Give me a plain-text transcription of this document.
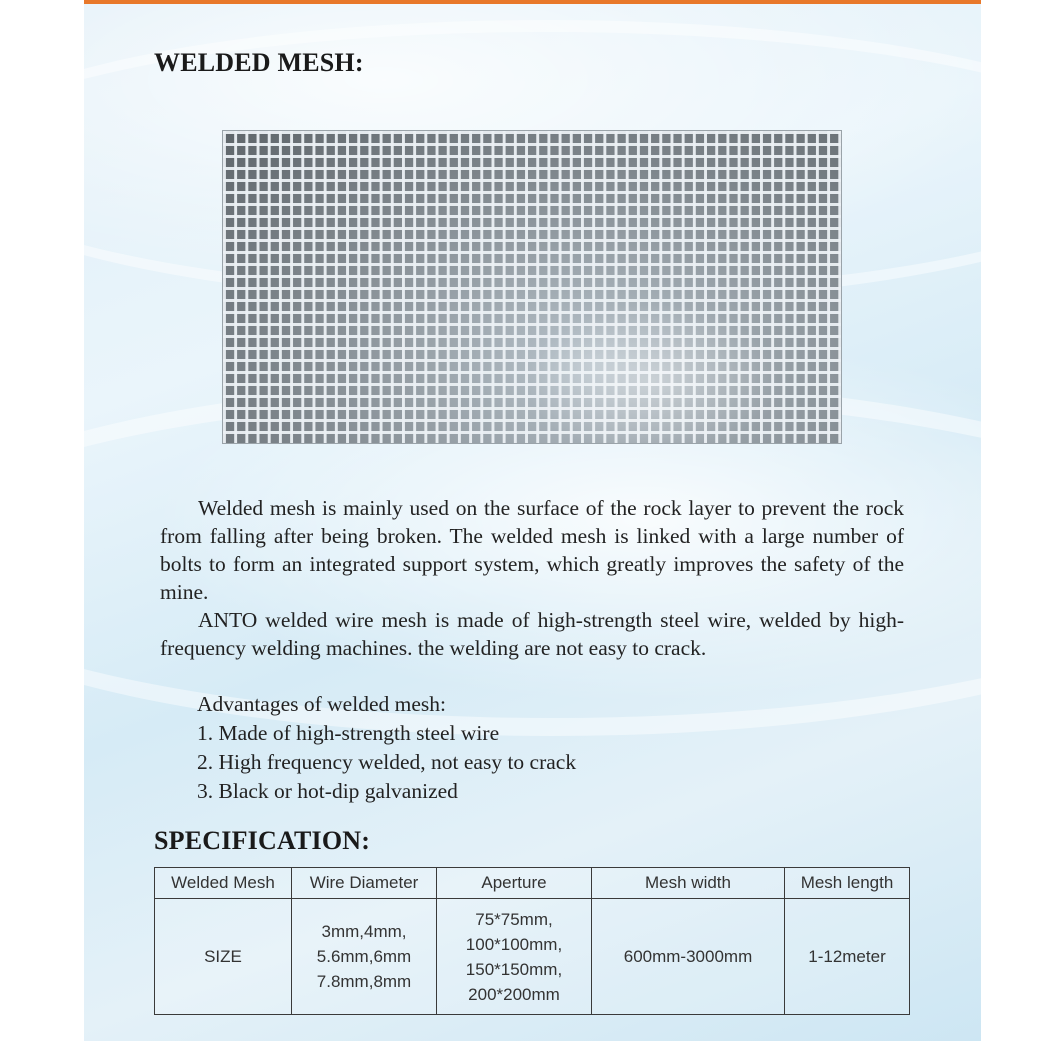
WELDED MESH:

Welded mesh is mainly used on the surface of the rock layer to prevent the rock from falling after being broken. The welded mesh is linked with a large number of bolts to form an integrated support system, which greatly improves the safety of the mine.

ANTO welded wire mesh is made of high-strength steel wire, welded by high-frequency welding machines. the welding are not easy to crack.

Advantages of welded mesh:
1. Made of high-strength steel wire
2. High frequency welded, not easy to crack
3. Black or hot-dip galvanized
SPECIFICATION:
Welded Mesh	Wire Diameter	Aperture	Mesh width	Mesh length
SIZE	3mm,4mm,
5.6mm,6mm
7.8mm,8mm	75*75mm,
100*100mm,
150*150mm,
200*200mm	600mm-3000mm	1-12meter
